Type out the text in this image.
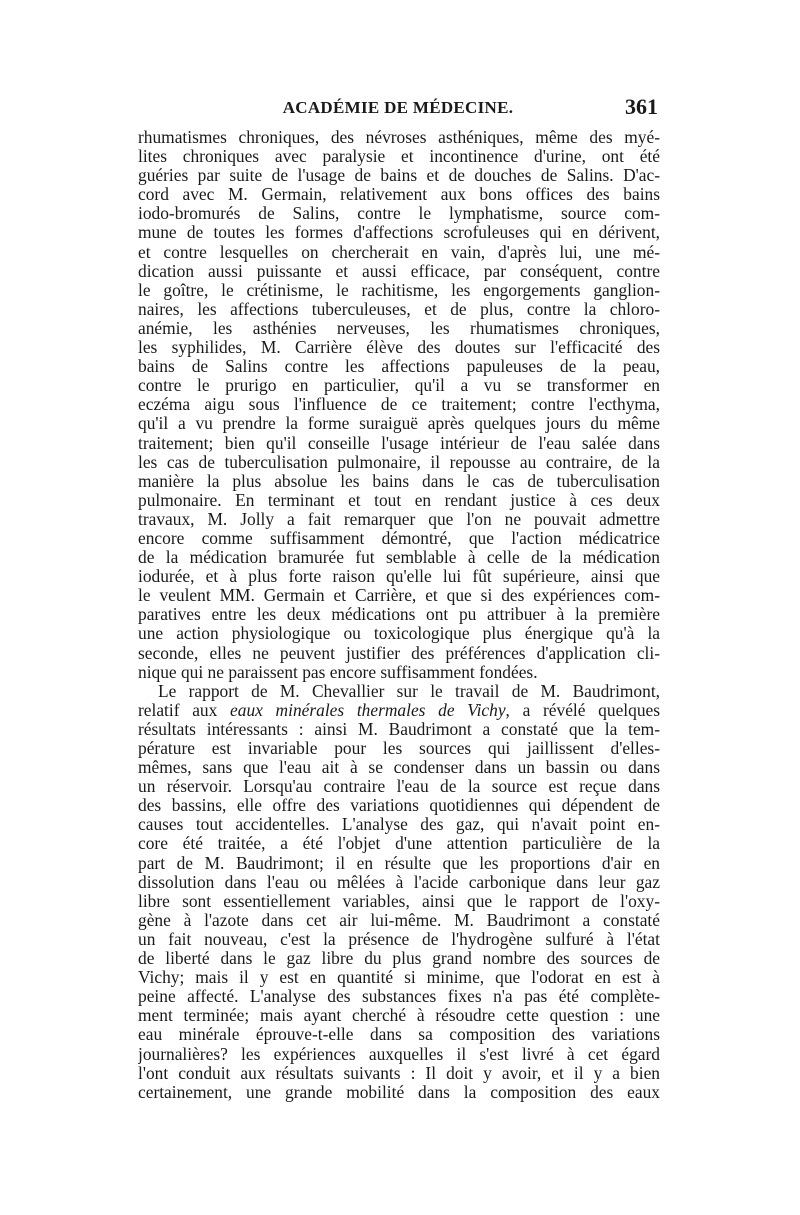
ACADÉMIE DE MÉDECINE.	361
rhumatismes chroniques, des névroses asthéniques, même des myé-
lites chroniques avec paralysie et incontinence d'urine, ont été
guéries par suite de l'usage de bains et de douches de Salins. D'ac-
cord avec M. Germain, relativement aux bons offices des bains
iodo-bromurés de Salins, contre le lymphatisme, source com-
mune de toutes les formes d'affections scrofuleuses qui en dérivent,
et contre lesquelles on chercherait en vain, d'après lui, une mé-
dication aussi puissante et aussi efficace, par conséquent, contre
le goître, le crétinisme, le rachitisme, les engorgements ganglion-
naires, les affections tuberculeuses, et de plus, contre la chloro-
anémie, les asthénies nerveuses, les rhumatismes chroniques,
les syphilides, M. Carrière élève des doutes sur l'efficacité des
bains de Salins contre les affections papuleuses de la peau,
contre le prurigo en particulier, qu'il a vu se transformer en
eczéma aigu sous l'influence de ce traitement; contre l'ecthyma,
qu'il a vu prendre la forme suraiguë après quelques jours du même
traitement; bien qu'il conseille l'usage intérieur de l'eau salée dans
les cas de tuberculisation pulmonaire, il repousse au contraire, de la
manière la plus absolue les bains dans le cas de tuberculisation
pulmonaire. En terminant et tout en rendant justice à ces deux
travaux, M. Jolly a fait remarquer que l'on ne pouvait admettre
encore comme suffisamment démontré, que l'action médicatrice
de la médication bramurée fut semblable à celle de la médication
iodurée, et à plus forte raison qu'elle lui fût supérieure, ainsi que
le veulent MM. Germain et Carrière, et que si des expériences com-
paratives entre les deux médications ont pu attribuer à la première
une action physiologique ou toxicologique plus énergique qu'à la
seconde, elles ne peuvent justifier des préférences d'application cli-
nique qui ne paraissent pas encore suffisamment fondées.
Le rapport de M. Chevallier sur le travail de M. Baudrimont,
relatif aux eaux minérales thermales de Vichy, a révélé quelques
résultats intéressants : ainsi M. Baudrimont a constaté que la tem-
pérature est invariable pour les sources qui jaillissent d'elles-
mêmes, sans que l'eau ait à se condenser dans un bassin ou dans
un réservoir. Lorsqu'au contraire l'eau de la source est reçue dans
des bassins, elle offre des variations quotidiennes qui dépendent de
causes tout accidentelles. L'analyse des gaz, qui n'avait point en-
core été traitée, a été l'objet d'une attention particulière de la
part de M. Baudrimont; il en résulte que les proportions d'air en
dissolution dans l'eau ou mêlées à l'acide carbonique dans leur gaz
libre sont essentiellement variables, ainsi que le rapport de l'oxy-
gène à l'azote dans cet air lui-même. M. Baudrimont a constaté
un fait nouveau, c'est la présence de l'hydrogène sulfuré à l'état
de liberté dans le gaz libre du plus grand nombre des sources de
Vichy; mais il y est en quantité si minime, que l'odorat en est à
peine affecté. L'analyse des substances fixes n'a pas été complète-
ment terminée; mais ayant cherché à résoudre cette question : une
eau minérale éprouve-t-elle dans sa composition des variations
journalières? les expériences auxquelles il s'est livré à cet égard
l'ont conduit aux résultats suivants : Il doit y avoir, et il y a bien
certainement, une grande mobilité dans la composition des eaux
